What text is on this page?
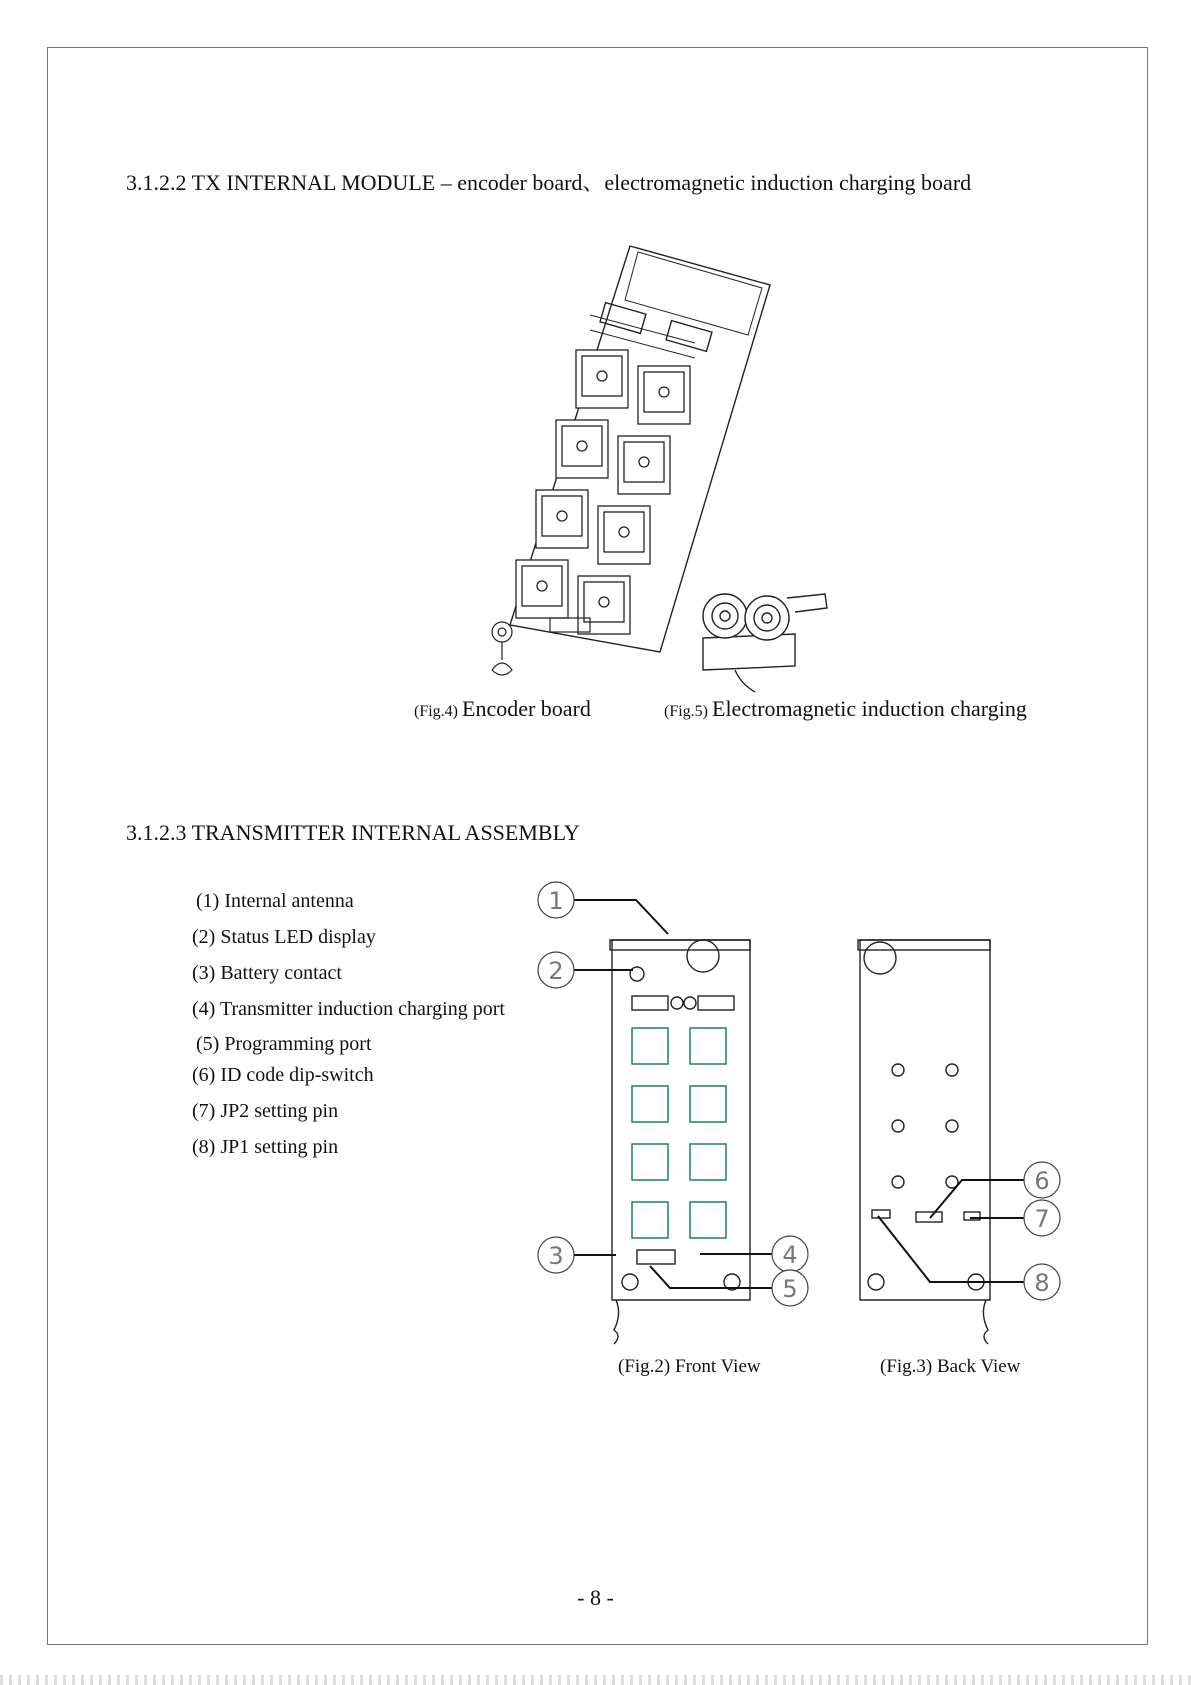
3.1.2.2 TX INTERNAL MODULE – encoder board、electromagnetic induction charging board
(Fig.4) Encoder board	(Fig.5) Electromagnetic induction charging
3.1.2.3 TRANSMITTER INTERNAL ASSEMBLY
(1) Internal antenna
(2) Status LED display
(3) Battery contact
(4) Transmitter induction charging port
(5) Programming port
(6) ID code dip-switch
(7) JP2 setting pin
(8) JP1 setting pin
1
2
3	4
5
6
7
8
(Fig.2) Front View	(Fig.3) Back View
- 8 -
